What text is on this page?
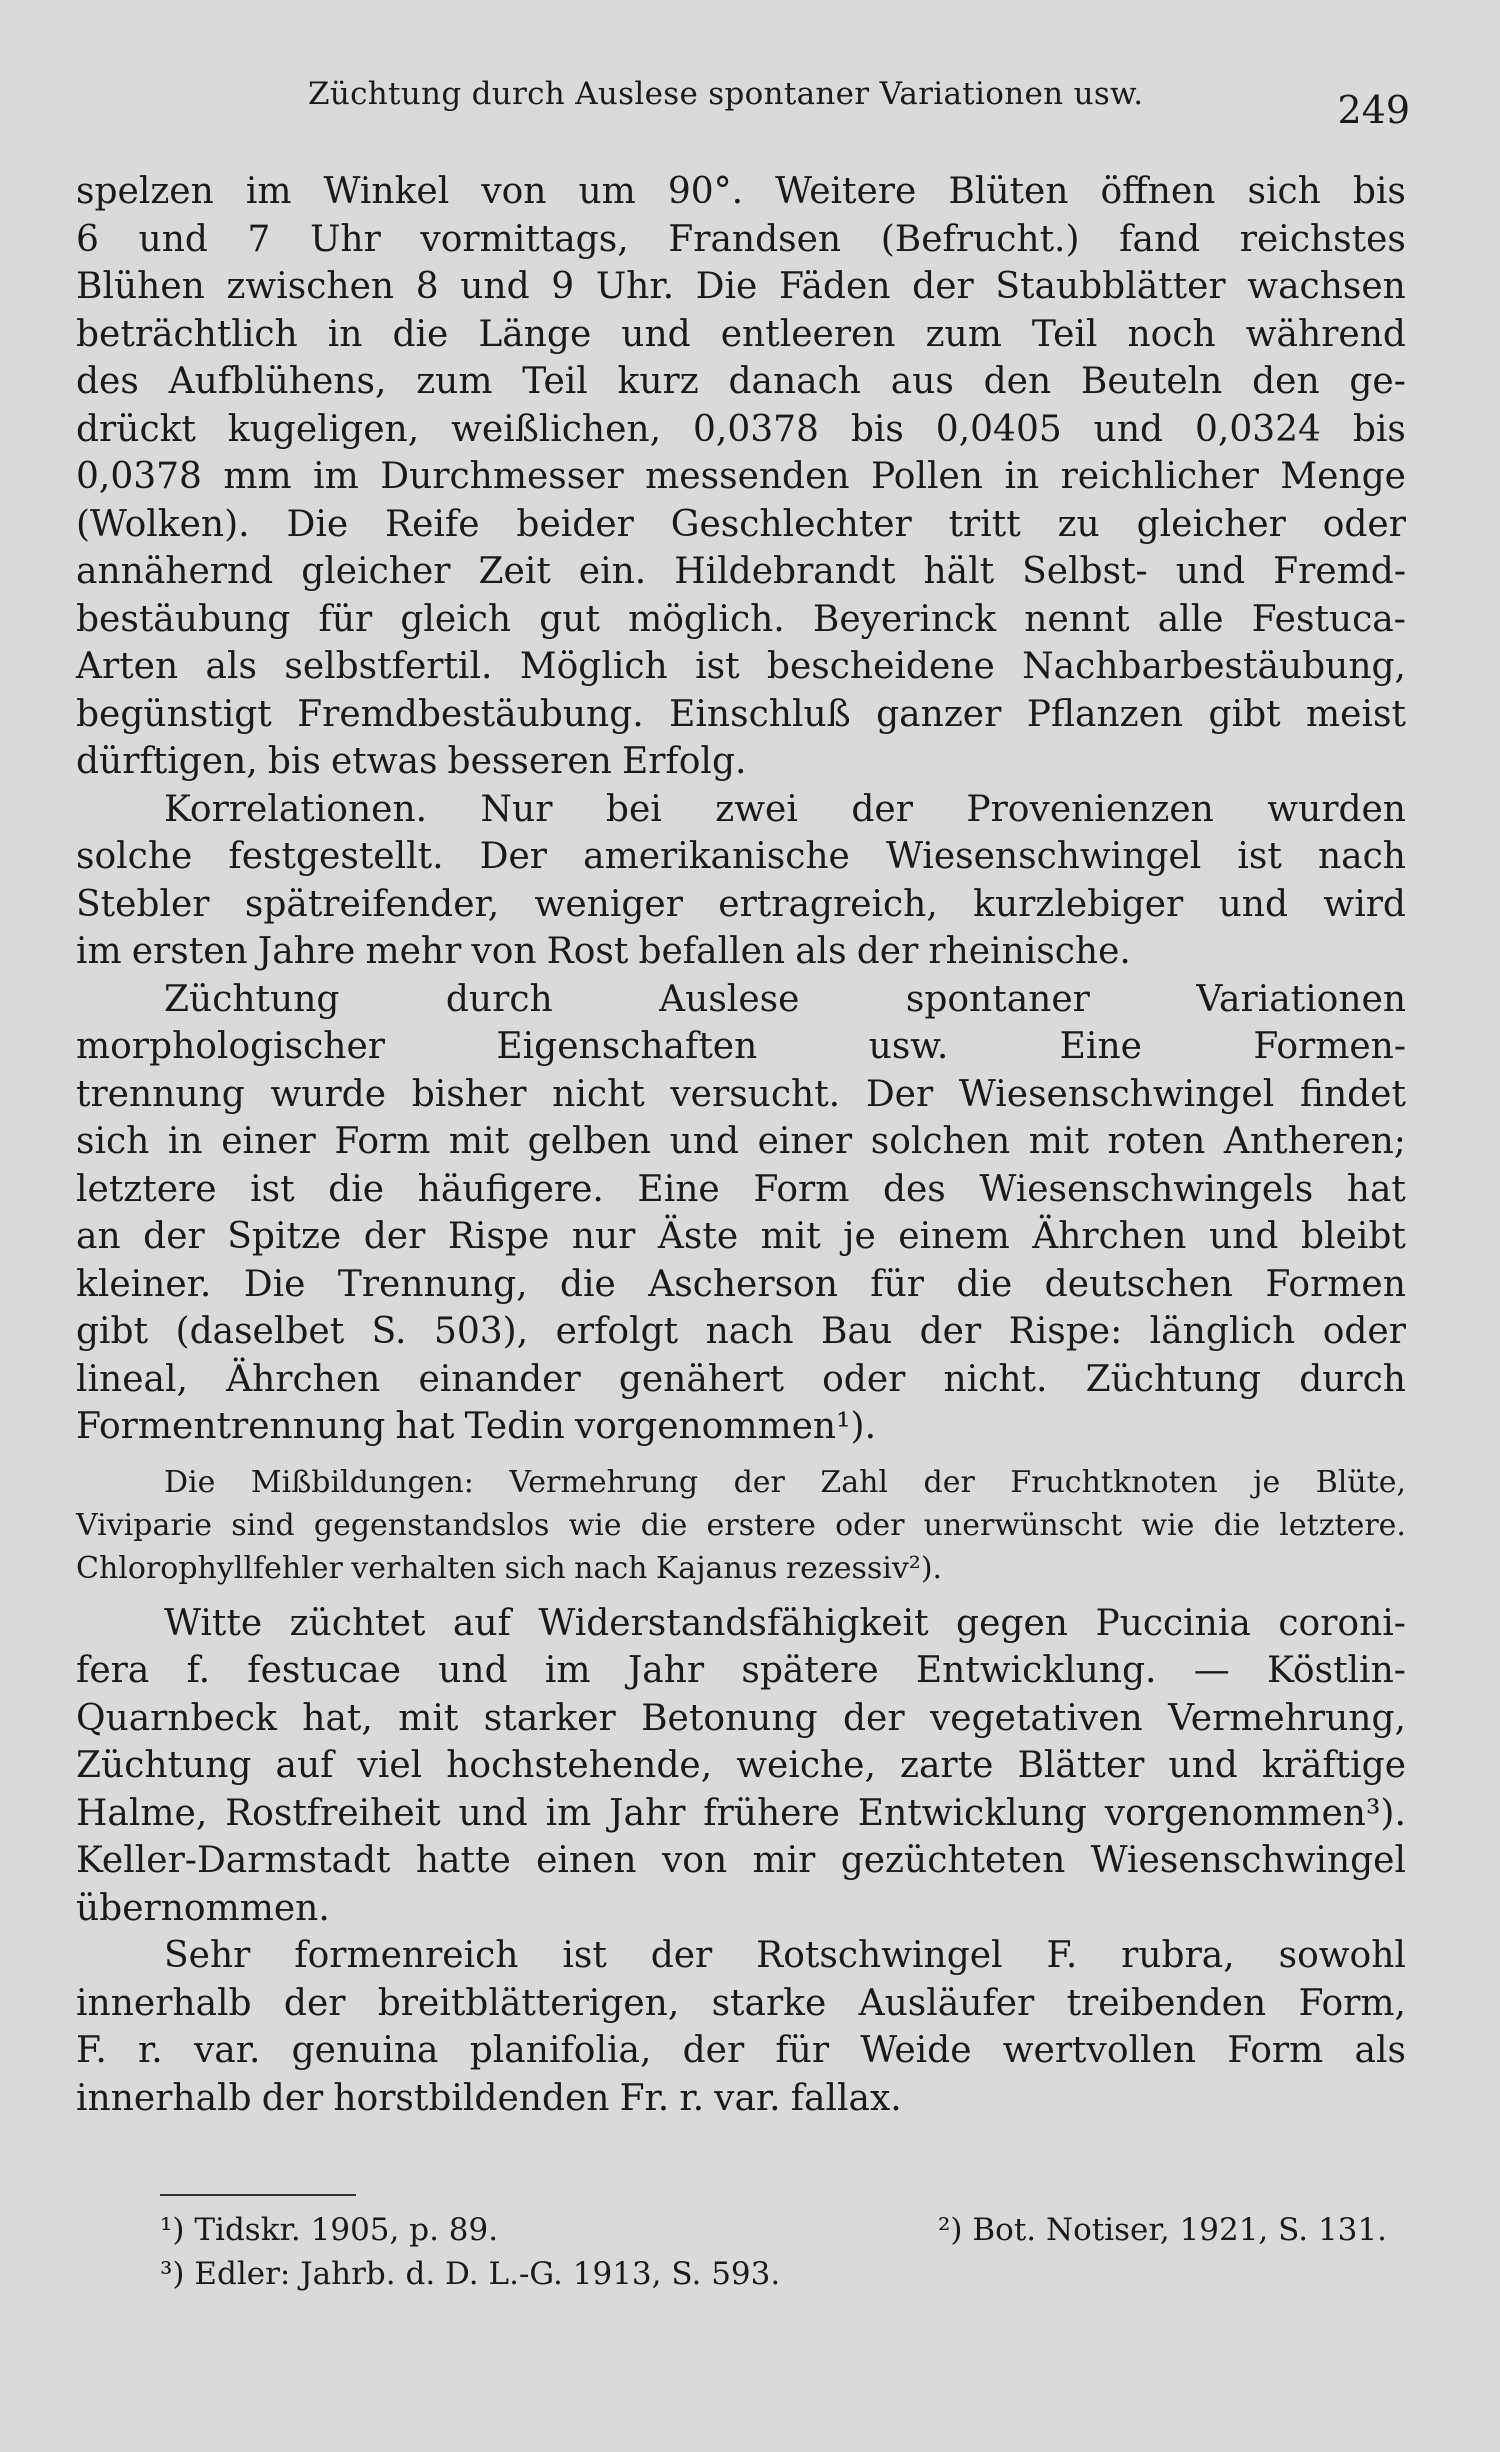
Züchtung durch Auslese spontaner Variationen usw.	249
spelzen im Winkel von um 90°. Weitere Blüten öffnen sich bis
6 und 7 Uhr vormittags, Frandsen (Befrucht.) fand reichstes
Blühen zwischen 8 und 9 Uhr. Die Fäden der Staubblätter wachsen
beträchtlich in die Länge und entleeren zum Teil noch während
des Aufblühens, zum Teil kurz danach aus den Beuteln den ge-
drückt kugeligen, weißlichen, 0,0378 bis 0,0405 und 0,0324 bis
0,0378 mm im Durchmesser messenden Pollen in reichlicher Menge
(Wolken). Die Reife beider Geschlechter tritt zu gleicher oder
annähernd gleicher Zeit ein. Hildebrandt hält Selbst- und Fremd-
bestäubung für gleich gut möglich. Beyerinck nennt alle Festuca-
Arten als selbstfertil. Möglich ist bescheidene Nachbarbestäubung,
begünstigt Fremdbestäubung. Einschluß ganzer Pflanzen gibt meist
dürftigen, bis etwas besseren Erfolg.
Korrelationen. Nur bei zwei der Provenienzen wurden
solche festgestellt. Der amerikanische Wiesenschwingel ist nach
Stebler spätreifender, weniger ertragreich, kurzlebiger und wird
im ersten Jahre mehr von Rost befallen als der rheinische.
Züchtung	durch	Auslese	spontaner	Variationen
morphologischer	Eigenschaften	usw.	Eine	Formen-
trennung wurde bisher nicht versucht. Der Wiesenschwingel findet
sich in einer Form mit gelben und einer solchen mit roten Antheren;
letztere ist die häufigere. Eine Form des Wiesenschwingels hat
an der Spitze der Rispe nur Äste mit je einem Ährchen und bleibt
kleiner. Die Trennung, die Ascherson für die deutschen Formen
gibt (daselbet S. 503), erfolgt nach Bau der Rispe: länglich oder
lineal, Ährchen einander genähert oder nicht. Züchtung durch
Formentrennung hat Tedin vorgenommen¹).
Die Mißbildungen: Vermehrung der Zahl der Fruchtknoten je Blüte,
Viviparie sind gegenstandslos wie die erstere oder unerwünscht wie die letztere.
Chlorophyllfehler verhalten sich nach Kajanus rezessiv²).
Witte züchtet auf Widerstandsfähigkeit gegen Puccinia coroni-
fera f. festucae und im Jahr spätere Entwicklung. — Köstlin-
Quarnbeck hat, mit starker Betonung der vegetativen Vermehrung,
Züchtung auf viel hochstehende, weiche, zarte Blätter und kräftige
Halme, Rostfreiheit und im Jahr frühere Entwicklung vorgenommen³).
Keller-Darmstadt hatte einen von mir gezüchteten Wiesenschwingel
übernommen.
Sehr formenreich ist der Rotschwingel F. rubra, sowohl
innerhalb der breitblätterigen, starke Ausläufer treibenden Form,
F. r. var. genuina planifolia, der für Weide wertvollen Form als
innerhalb der horstbildenden Fr. r. var. fallax.
¹) Tidskr. 1905, p. 89.	²) Bot. Notiser, 1921, S. 131.
³) Edler: Jahrb. d. D. L.-G. 1913, S. 593.
